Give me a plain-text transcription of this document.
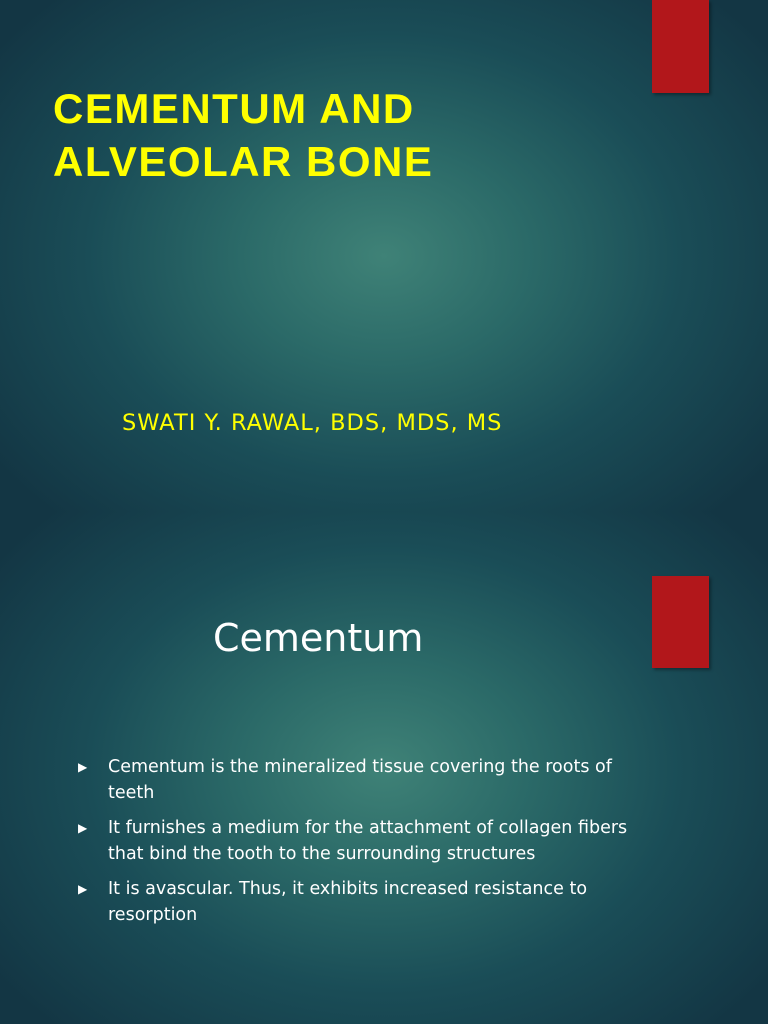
CEMENTUM AND
ALVEOLAR BONE

SWATI Y. RAWAL, BDS, MDS, MS

Cementum
▶ Cementum is the mineralized tissue covering the roots of teeth
▶ It furnishes a medium for the attachment of collagen fibers that bind the tooth to the surrounding structures
▶ It is avascular. Thus, it exhibits increased resistance to resorption
